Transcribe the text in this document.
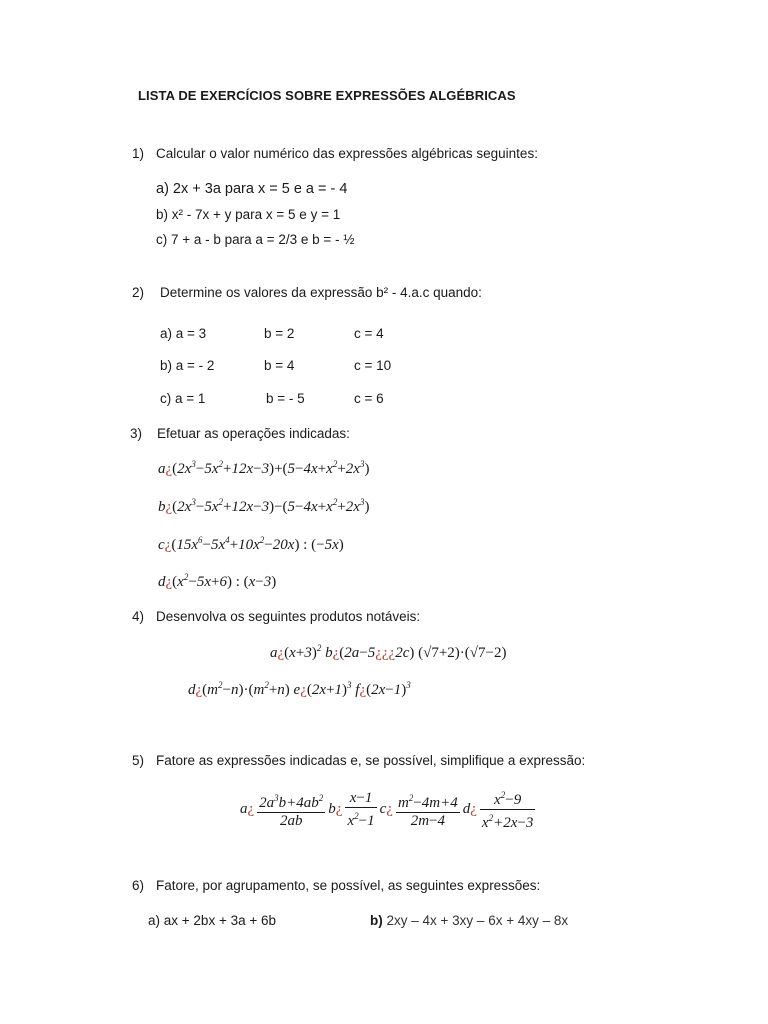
LISTA DE EXERCÍCIOS SOBRE EXPRESSÕES ALGÉBRICAS
1) Calcular o valor numérico das expressões algébricas seguintes:
a) 2x + 3a para x = 5 e a = - 4
b) x² - 7x + y para x = 5 e y = 1
c) 7 + a - b para a = 2/3 e b = - ½
2) Determine os valores da expressão b² - 4.a.c quando:
a) a = 3	b = 2	c = 4
b) a = - 2	b = 4	c = 10
c) a = 1	b = - 5	c = 6
3) Efetuar as operações indicadas:
$a¿(2x^3-5x^2+12x-3)+(5-4x+x^2+2x^3)$
$b¿(2x^3-5x^2+12x-3)-(5-4x+x^2+2x^3)$
$c¿(15x^6-5x^4+10x^2-20x)$ : (−5x)
$d¿(x^2-5x+6)$ : (x−3)
4) Desenvolva os seguintes produtos notáveis:
$a¿(x+3)^2$ b¿(2a−5¿¿¿2c) (√7+2)·(√7−2)
$d¿(m^2-n)\cdot(m^2+n)$ $e¿(2x+1)^3$ $f¿(2x-1)^3$
5) Fatore as expressões indicadas e, se possível, simplifique a expressão:
a¿ $\frac{2a^3b+4ab^2}{2ab}$ b¿ $\frac{x-1}{x^2-1}$ c¿ $\frac{m^2-4m+4}{2m-4}$ d¿ $\frac{x^2-9}{x^2+2x-3}$
6) Fatore, por agrupamento, se possível, as seguintes expressões:
a) ax + 2bx + 3a + 6b	b) 2xy – 4x + 3xy – 6x + 4xy – 8x
